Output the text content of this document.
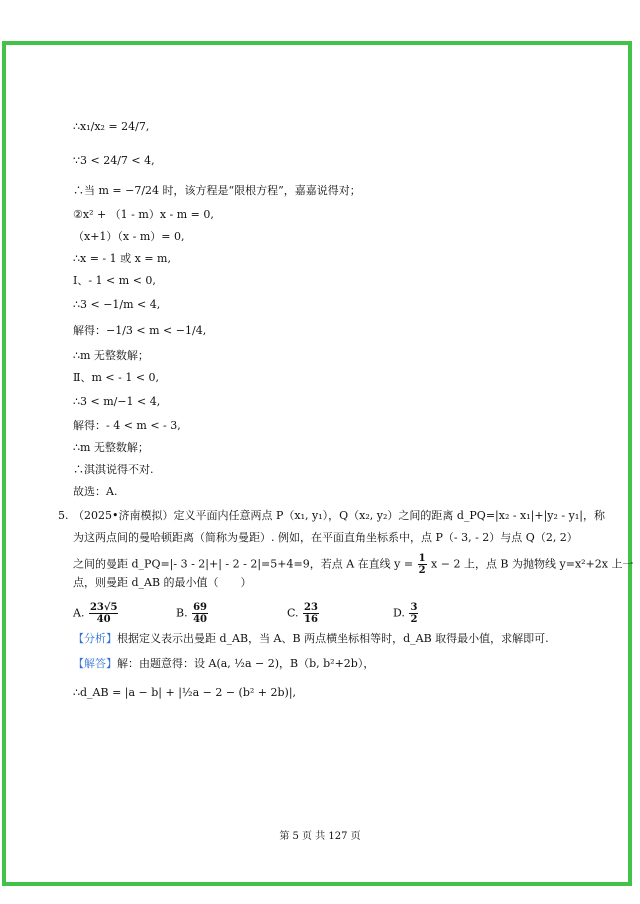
∴x₁/x₂ = 24/7,
∵3 < 24/7 < 4,
∴当 m = −7/24 时，该方程是“限根方程”，嘉嘉说得对；
②x² + （1 - m）x - m = 0,
（x+1）（x - m）= 0,
∴x = - 1 或 x = m,
Ⅰ、- 1 < m < 0,
∴3 < −1/m < 4,
解得：−1/3 < m < −1/4,
∴m 无整数解；
Ⅱ、m < - 1 < 0,
∴3 < m/−1 < 4,
解得：- 4 < m < - 3,
∴m 无整数解；
∴淇淇说得不对.
故选：A.
5. （2025•济南模拟）定义平面内任意两点 P（x₁, y₁），Q（x₂, y₂）之间的距离 d_PQ=|x₂ - x₁|+|y₂ - y₁|，称
为这两点间的曼哈顿距离（简称为曼距）. 例如，在平面直角坐标系中，点 P（- 3, - 2）与点 Q（2, 2）
之间的曼距 d_PQ=|- 3 - 2|+| - 2 - 2|=5+4=9，若点 A 在直线 $y = \frac{1}{2}$ x − 2 上，点 B 为抛物线 y=x²+2x 上一
点，则曼距 d_AB 的最小值（　　）
A. $\frac{23√5}{40}$	B. $\frac{69}{40}$	C. $\frac{23}{16}$	D. $\frac{3}{2}$
【分析】根据定义表示出曼距 d_AB，当 A、B 两点横坐标相等时，d_AB 取得最小值，求解即可.
【解答】解：由题意得：设 A(a, ½a − 2)，B（b, b²+2b），
∴d_AB = |a − b| + |½a − 2 − (b² + 2b)|,
第 5 页 共 127 页
